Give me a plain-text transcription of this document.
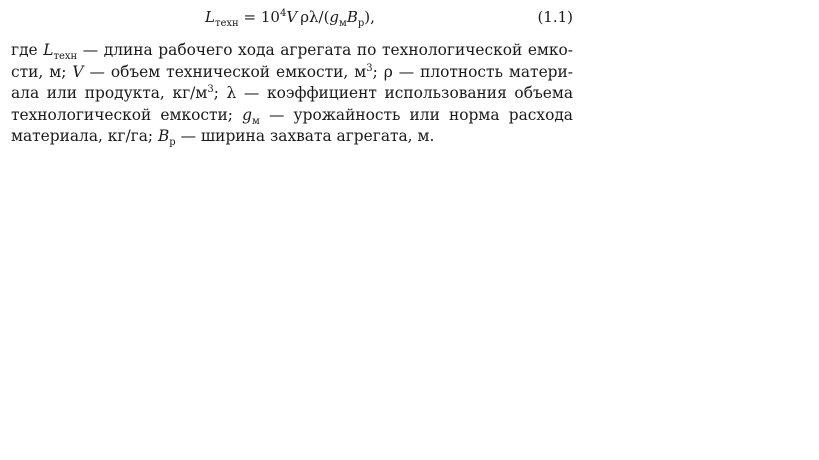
$L_{техн} = 10^4V$  $\rho\lambda/(g_мB_р)$,	(1.1)
где $L_{техн}$ — длина рабочего хода агрегата по технологической емко-
сти, м; V — объем технической емкости, $м^3$; ρ — плотность матери-
ала или продукта, $кг/м^3$; λ — коэффициент использования объема
технологической емкости; $g_м$ — урожайность или норма расхода
материала, кг/га; $B_р$ — ширина захвата агрегата, м.
